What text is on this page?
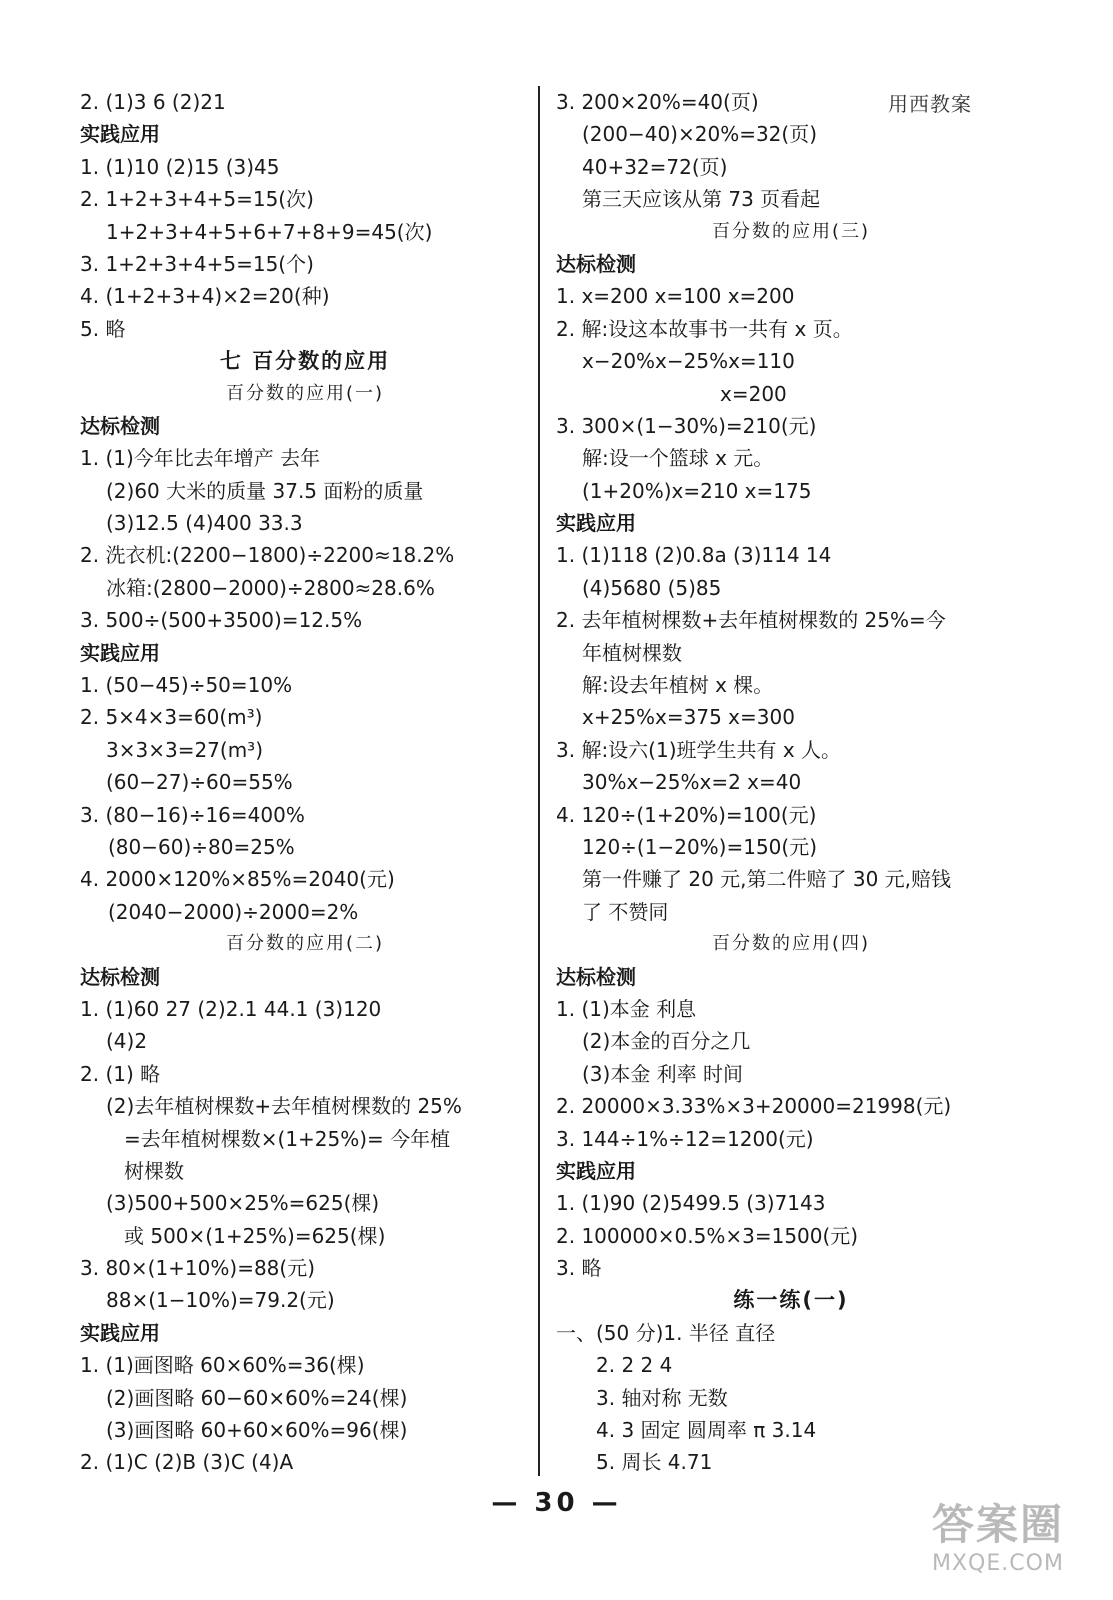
用西教案
2. (1)3 6 (2)21
实践应用
1. (1)10 (2)15 (3)45
2. 1+2+3+4+5=15(次)
1+2+3+4+5+6+7+8+9=45(次)
3. 1+2+3+4+5=15(个)
4. (1+2+3+4)×2=20(种)
5. 略
七 百分数的应用
百分数的应用(一)
达标检测
1. (1)今年比去年增产 去年
(2)60 大米的质量 37.5 面粉的质量
(3)12.5 (4)400 33.3
2. 洗衣机:(2200−1800)÷2200≈18.2%
冰箱:(2800−2000)÷2800≈28.6%
3. 500÷(500+3500)=12.5%
实践应用
1. (50−45)÷50=10%
2. 5×4×3=60(m³)
3×3×3=27(m³)
(60−27)÷60=55%
3. (80−16)÷16=400%
(80−60)÷80=25%
4. 2000×120%×85%=2040(元)
(2040−2000)÷2000=2%
百分数的应用(二)
达标检测
1. (1)60 27 (2)2.1 44.1 (3)120
(4)2
2. (1) 略
(2)去年植树棵数+去年植树棵数的 25%
=去年植树棵数×(1+25%)= 今年植
树棵数
(3)500+500×25%=625(棵)
或 500×(1+25%)=625(棵)
3. 80×(1+10%)=88(元)
88×(1−10%)=79.2(元)
实践应用
1. (1)画图略 60×60%=36(棵)
(2)画图略 60−60×60%=24(棵)
(3)画图略 60+60×60%=96(棵)
2. (1)C (2)B (3)C (4)A
3. 200×20%=40(页)
(200−40)×20%=32(页)
40+32=72(页)
第三天应该从第 73 页看起
百分数的应用(三)
达标检测
1. x=200 x=100 x=200
2. 解:设这本故事书一共有 x 页。
x−20%x−25%x=110
x=200
3. 300×(1−30%)=210(元)
解:设一个篮球 x 元。
(1+20%)x=210 x=175
实践应用
1. (1)118 (2)0.8a (3)114 14
(4)5680 (5)85
2. 去年植树棵数+去年植树棵数的 25%=今
年植树棵数
解:设去年植树 x 棵。
x+25%x=375 x=300
3. 解:设六(1)班学生共有 x 人。
30%x−25%x=2 x=40
4. 120÷(1+20%)=100(元)
120÷(1−20%)=150(元)
第一件赚了 20 元,第二件赔了 30 元,赔钱
了 不赞同
百分数的应用(四)
达标检测
1. (1)本金 利息
(2)本金的百分之几
(3)本金 利率 时间
2. 20000×3.33%×3+20000=21998(元)
3. 144÷1%÷12=1200(元)
实践应用
1. (1)90 (2)5499.5 (3)7143
2. 100000×0.5%×3=1500(元)
3. 略
练一练(一)
一、(50 分)1. 半径 直径
2. 2 2 4
3. 轴对称 无数
4. 3 固定 圆周率 π 3.14
5. 周长 4.71
— 30 —	答案圈
MXQE.COM
